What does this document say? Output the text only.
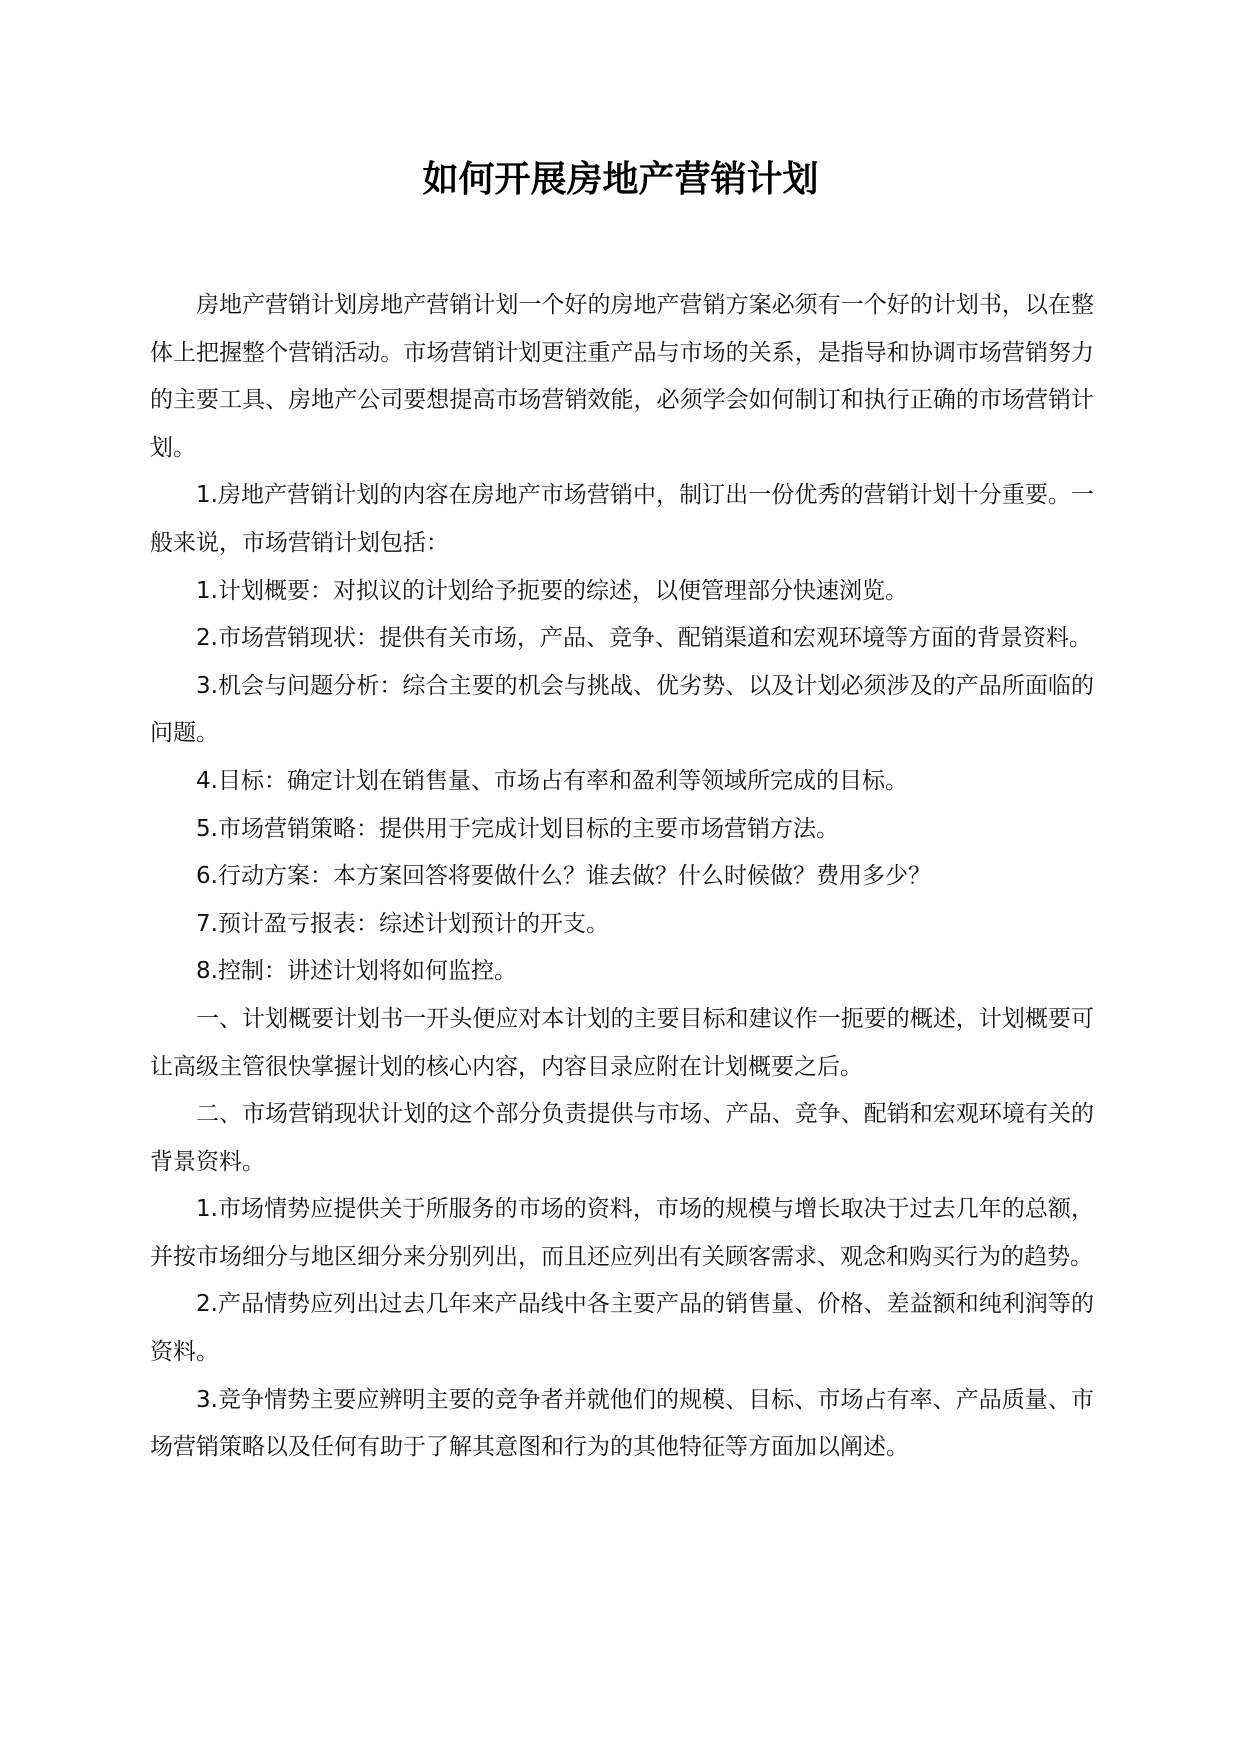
如何开展房地产营销计划

房地产营销计划房地产营销计划一个好的房地产营销方案必须有一个好的计划书，以在整体上把握整个营销活动。市场营销计划更注重产品与市场的关系，是指导和协调市场营销努力的主要工具、房地产公司要想提高市场营销效能，必须学会如何制订和执行正确的市场营销计划。

1.房地产营销计划的内容在房地产市场营销中，制订出一份优秀的营销计划十分重要。一般来说，市场营销计划包括：

1.计划概要：对拟议的计划给予扼要的综述，以便管理部分快速浏览。

2.市场营销现状：提供有关市场，产品、竞争、配销渠道和宏观环境等方面的背景资料。

3.机会与问题分析：综合主要的机会与挑战、优劣势、以及计划必须涉及的产品所面临的问题。

4.目标：确定计划在销售量、市场占有率和盈利等领域所完成的目标。

5.市场营销策略：提供用于完成计划目标的主要市场营销方法。

6.行动方案：本方案回答将要做什么？谁去做？什么时候做？费用多少？

7.预计盈亏报表：综述计划预计的开支。

8.控制：讲述计划将如何监控。

一、计划概要计划书一开头便应对本计划的主要目标和建议作一扼要的概述，计划概要可让高级主管很快掌握计划的核心内容，内容目录应附在计划概要之后。

二、市场营销现状计划的这个部分负责提供与市场、产品、竞争、配销和宏观环境有关的背景资料。

1.市场情势应提供关于所服务的市场的资料，市场的规模与增长取决于过去几年的总额，并按市场细分与地区细分来分别列出，而且还应列出有关顾客需求、观念和购买行为的趋势。

2.产品情势应列出过去几年来产品线中各主要产品的销售量、价格、差益额和纯利润等的资料。

3.竞争情势主要应辨明主要的竞争者并就他们的规模、目标、市场占有率、产品质量、市场营销策略以及任何有助于了解其意图和行为的其他特征等方面加以阐述。
